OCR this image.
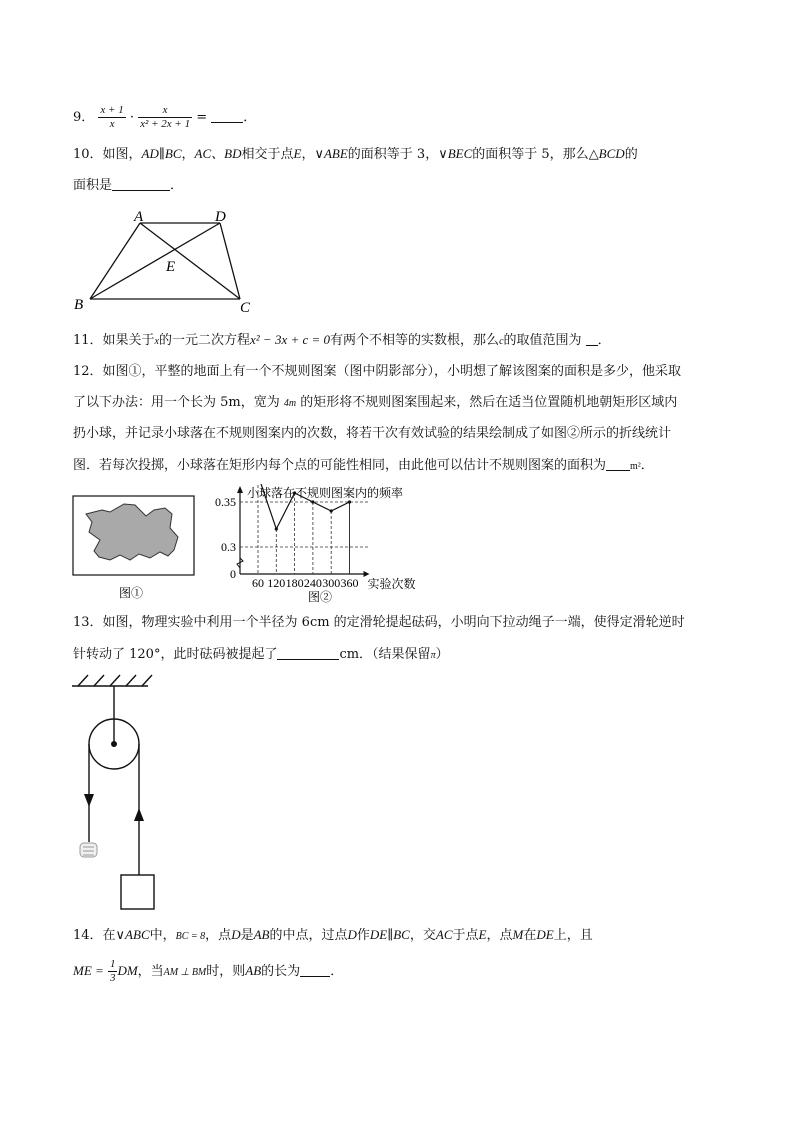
9． $\frac{x + 1}{x} \cdot \frac{x}{\text{x² + 2x + 1}}$ =	．
10．如图，AD∥BC，AC、BD相交于点E，∨ABE的面积等于 3，∨BEC的面积等于 5，那么△BCD的
面积是	．
A	D
E
B	C
11．如果关于x的一元二次方程x² − 3x + c = 0有两个不相等的实数根，那么c的取值范围为 ．
12．如图①，平整的地面上有一个不规则图案（图中阴影部分），小明想了解该图案的面积是多少，他采取
了以下办法：用一个长为 5m，宽为 4m 的矩形将不规则图案围起来，然后在适当位置随机地朝矩形区域内
扔小球，并记录小球落在不规则图案内的次数，将若干次有效试验的结果绘制成了如图②所示的折线统计
图．若每次投掷，小球落在矩形内每个点的可能性相同，由此他可以估计不规则图案的面积为 m²．
图①
0.3
0.35
0
60 120 180 240 300 360
小球落在不规则图案内的频率
实验次数
图②
13．如图，物理实验中利用一个半径为 6cm 的定滑轮提起砝码，小明向下拉动绳子一端，使得定滑轮逆时
针转动了 120°，此时砝码被提起了	cm．（结果保留π）
14．在∨ABC中，BC = 8，点D是AB的中点，过点D作DE∥BC，交AC于点E，点M在DE上，且
ME = $\frac{1}{3}$ DM，当AM ⊥ BM时，则AB的长为 ．
